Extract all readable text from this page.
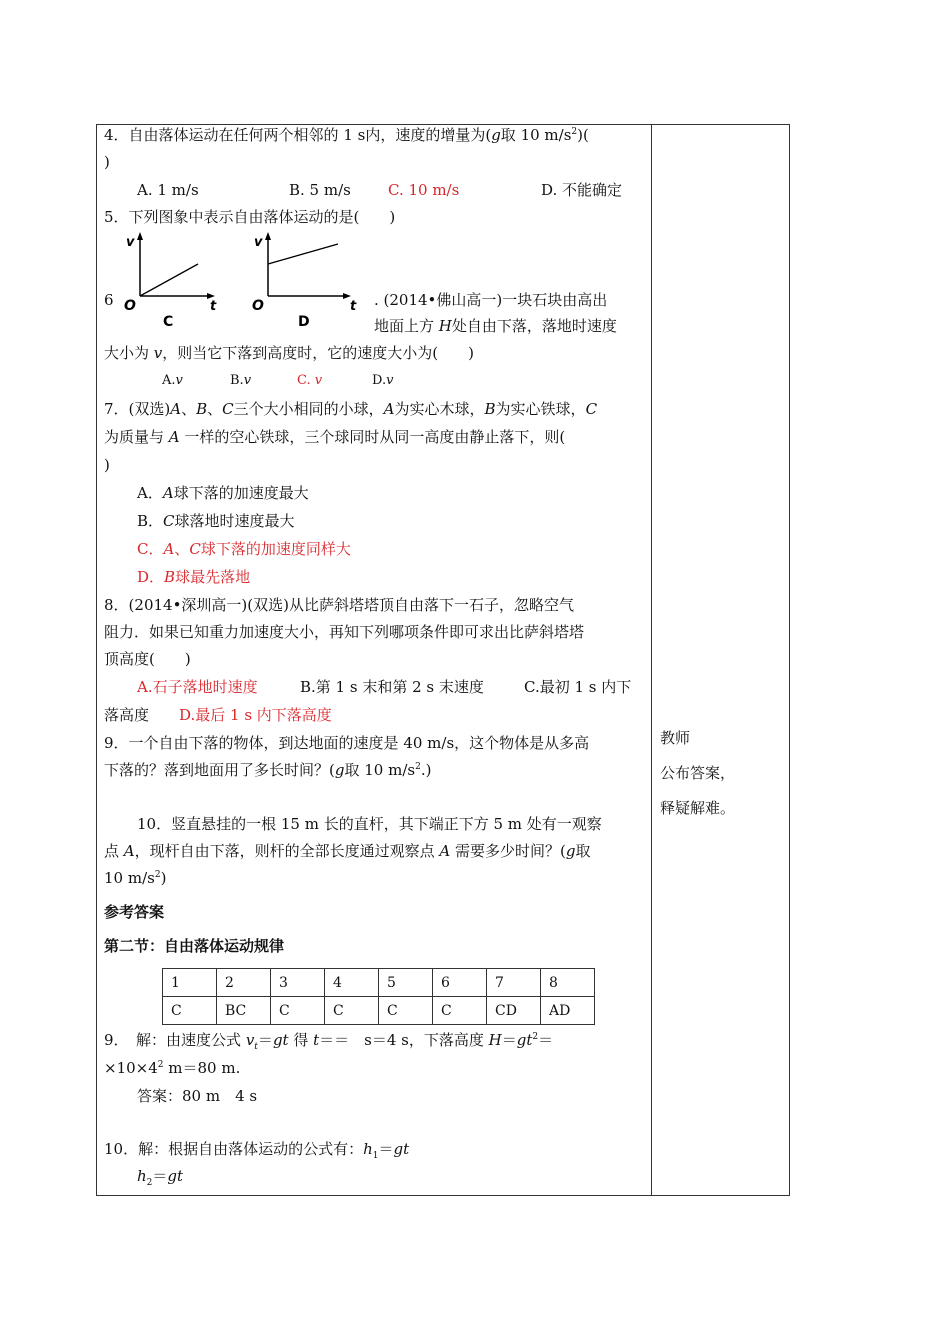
4．自由落体运动在任何两个相邻的 1 s内，速度的增量为(g取 10 $m/s^2$)(
)
A. 1 m/s	B. 5 m/s C. 10 m/s	D. 不能确定
5．下列图象中表示自由落体运动的是(　　)
v
t
O
C
v
t
O
D
6	. (2014•佛山高一)一块石块由高出
地面上方 H处自由下落，落地时速度
大小为 v，则当它下落到高度时，它的速度大小为(　　)
A.v	B.v	C. v	D.v
7．(双选)A、B、C三个大小相同的小球，A为实心木球，B为实心铁球，C
为质量与 A 一样的空心铁球，三个球同时从同一高度由静止落下，则(
)
A．A球下落的加速度最大
B．C球落地时速度最大
C．A、C球下落的加速度同样大
D．B球最先落地
8．(2014•深圳高一)(双选)从比萨斜塔塔顶自由落下一石子，忽略空气
阻力．如果已知重力加速度大小，再知下列哪项条件即可求出比萨斜塔塔
顶高度(　　)
A.石子落地时速度	B.第 1 s 末和第 2 s 末速度	C.最初 1 s 内下
落高度 D.最后 1 s 内下落高度
9．一个自由下落的物体，到达地面的速度是 40 m/s，这个物体是从多高
下落的？落到地面用了多长时间？(g取 10 $m/s^2$.)
10．竖直悬挂的一根 15 m 长的直杆，其下端正下方 5 m 处有一观察
点 A，现杆自由下落，则杆的全部长度通过观察点 A 需要多少时间？(g取
10 $m/s^2$)
参考答案
第二节：自由落体运动规律
1	2	3	4	5	6	7	8
C	BC	C	C	C	C	CD	AD
9．　解：由速度公式 $v_t=gt$ 得 t＝＝　s＝4 s，下落高度 $H=gt^2=$
$\times 10\times 4^2$ m＝80 m.
答案：80 m　4 s
10．解：根据自由落体运动的公式有：$h_1=gt$
$h_2=gt$
教师
公布答案，
释疑解难。
